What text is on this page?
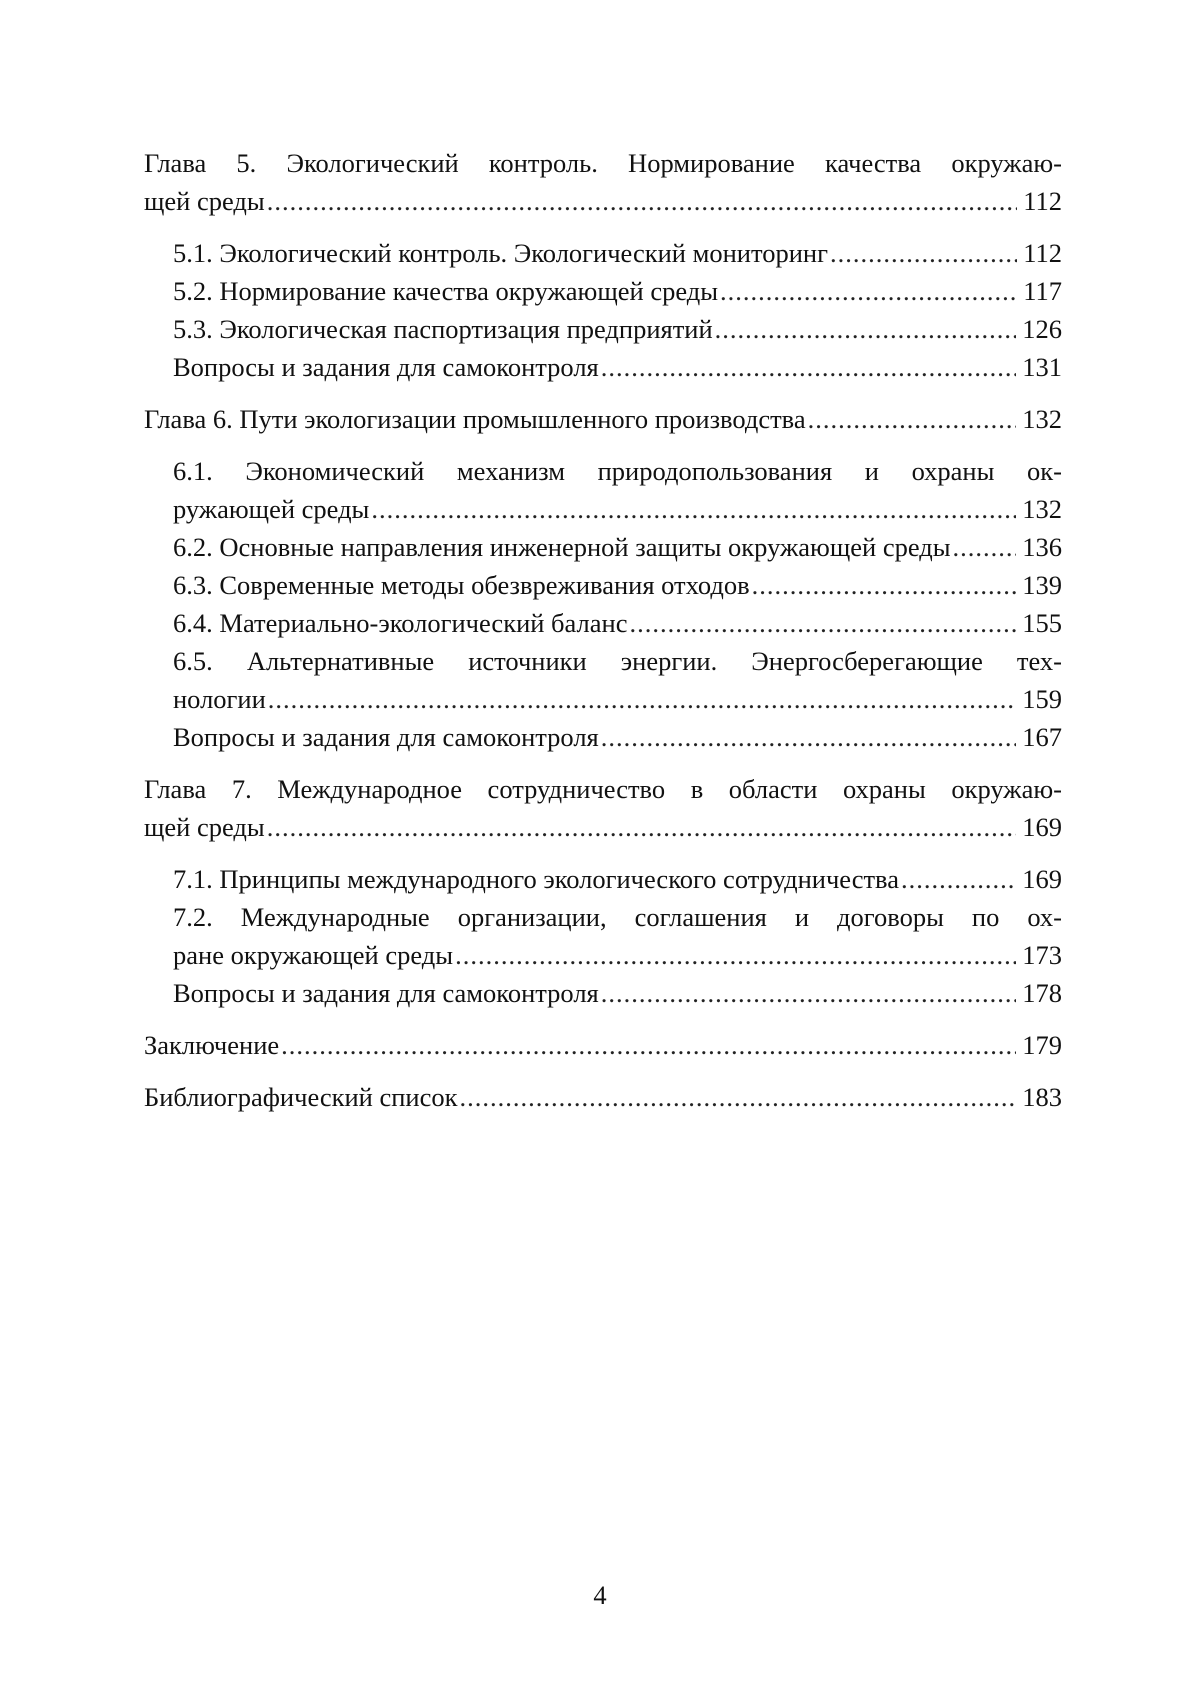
Глава 5. Экологический контроль. Нормирование качества окружаю-
щей среды .....	112
5.1. Экологический контроль. Экологический мониторинг .....	112
5.2. Нормирование качества окружающей среды .....	117
5.3. Экологическая паспортизация предприятий .....	126
Вопросы и задания для самоконтроля .....	131
Глава 6. Пути экологизации промышленного производства .....	132
6.1. Экономический механизм природопользования и охраны ок-
ружающей среды .....	132
6.2. Основные направления инженерной защиты окружающей среды .....	136
6.3. Современные методы обезвреживания отходов .....	139
6.4. Материально-экологический баланс .....	155
6.5. Альтернативные источники энергии. Энергосберегающие тех-
нологии .....	159
Вопросы и задания для самоконтроля .....	167
Глава 7. Международное сотрудничество в области охраны окружаю-
щей среды .....	169
7.1. Принципы международного экологического сотрудничества .....	169
7.2. Международные организации, соглашения и договоры по ох-
ране окружающей среды .....	173
Вопросы и задания для самоконтроля .....	178
Заключение .....	179
Библиографический список .....	183
4
